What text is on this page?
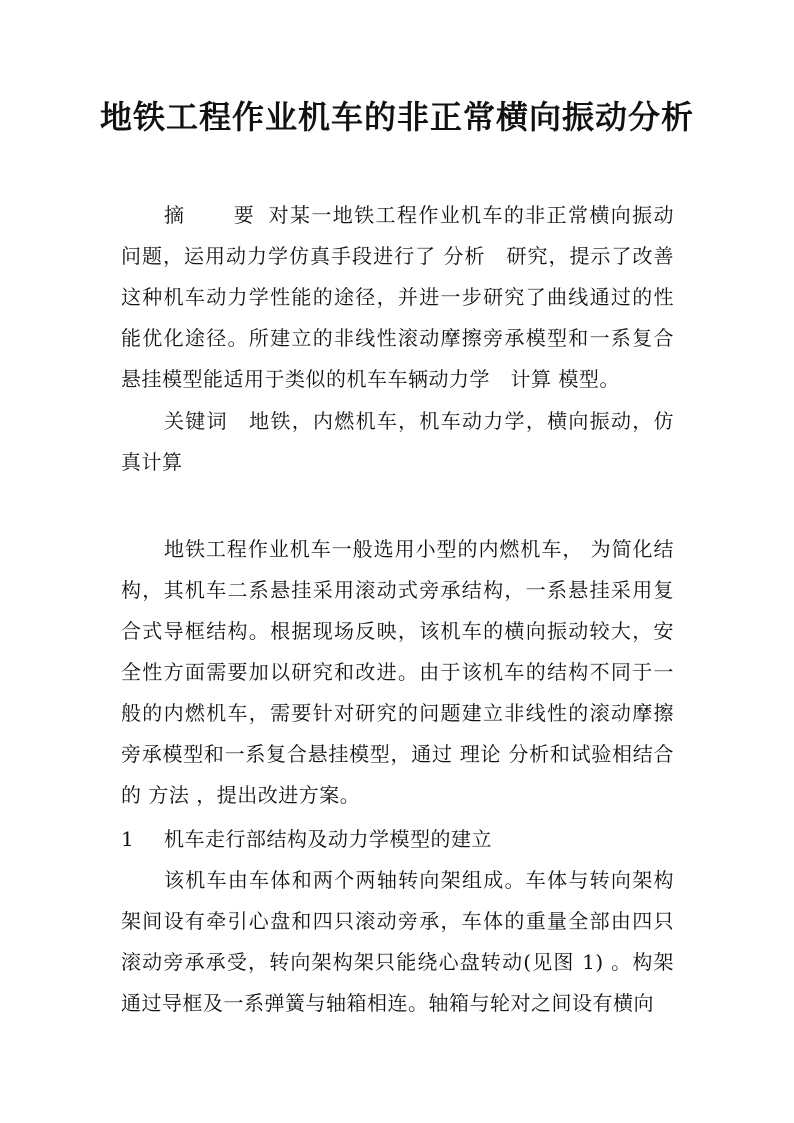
地铁工程作业机车的非正常横向振动分析
摘　要对某一地铁工程作业机车的非正常横向振动问题，运用动力学仿真手段进行了 分析　研究，提示了改善这种机车动力学性能的途径，并进一步研究了曲线通过的性能优化途径。所建立的非线性滚动摩擦旁承模型和一系复合悬挂模型能适用于类似的机车车辆动力学　计算 模型。
关键词　 地铁，内燃机车，机车动力学，横向振动，仿真计算
地铁工程作业机车一般选用小型的内燃机车， 为简化结构，其机车二系悬挂采用滚动式旁承结构，一系悬挂采用复合式导框结构。根据现场反映，该机车的横向振动较大，安全性方面需要加以研究和改进。由于该机车的结构不同于一般的内燃机车，需要针对研究的问题建立非线性的滚动摩擦旁承模型和一系复合悬挂模型，通过 理论 分析和试验相结合的 方法 ，提出改进方案。
1 机车走行部结构及动力学模型的建立
该机车由车体和两个两轴转向架组成。车体与转向架构架间设有牵引心盘和四只滚动旁承，车体的重量全部由四只滚动旁承承受，转向架构架只能绕心盘转动(见图 1) 。构架通过导框及一系弹簧与轴箱相连。轴箱与轮对之间设有横向
